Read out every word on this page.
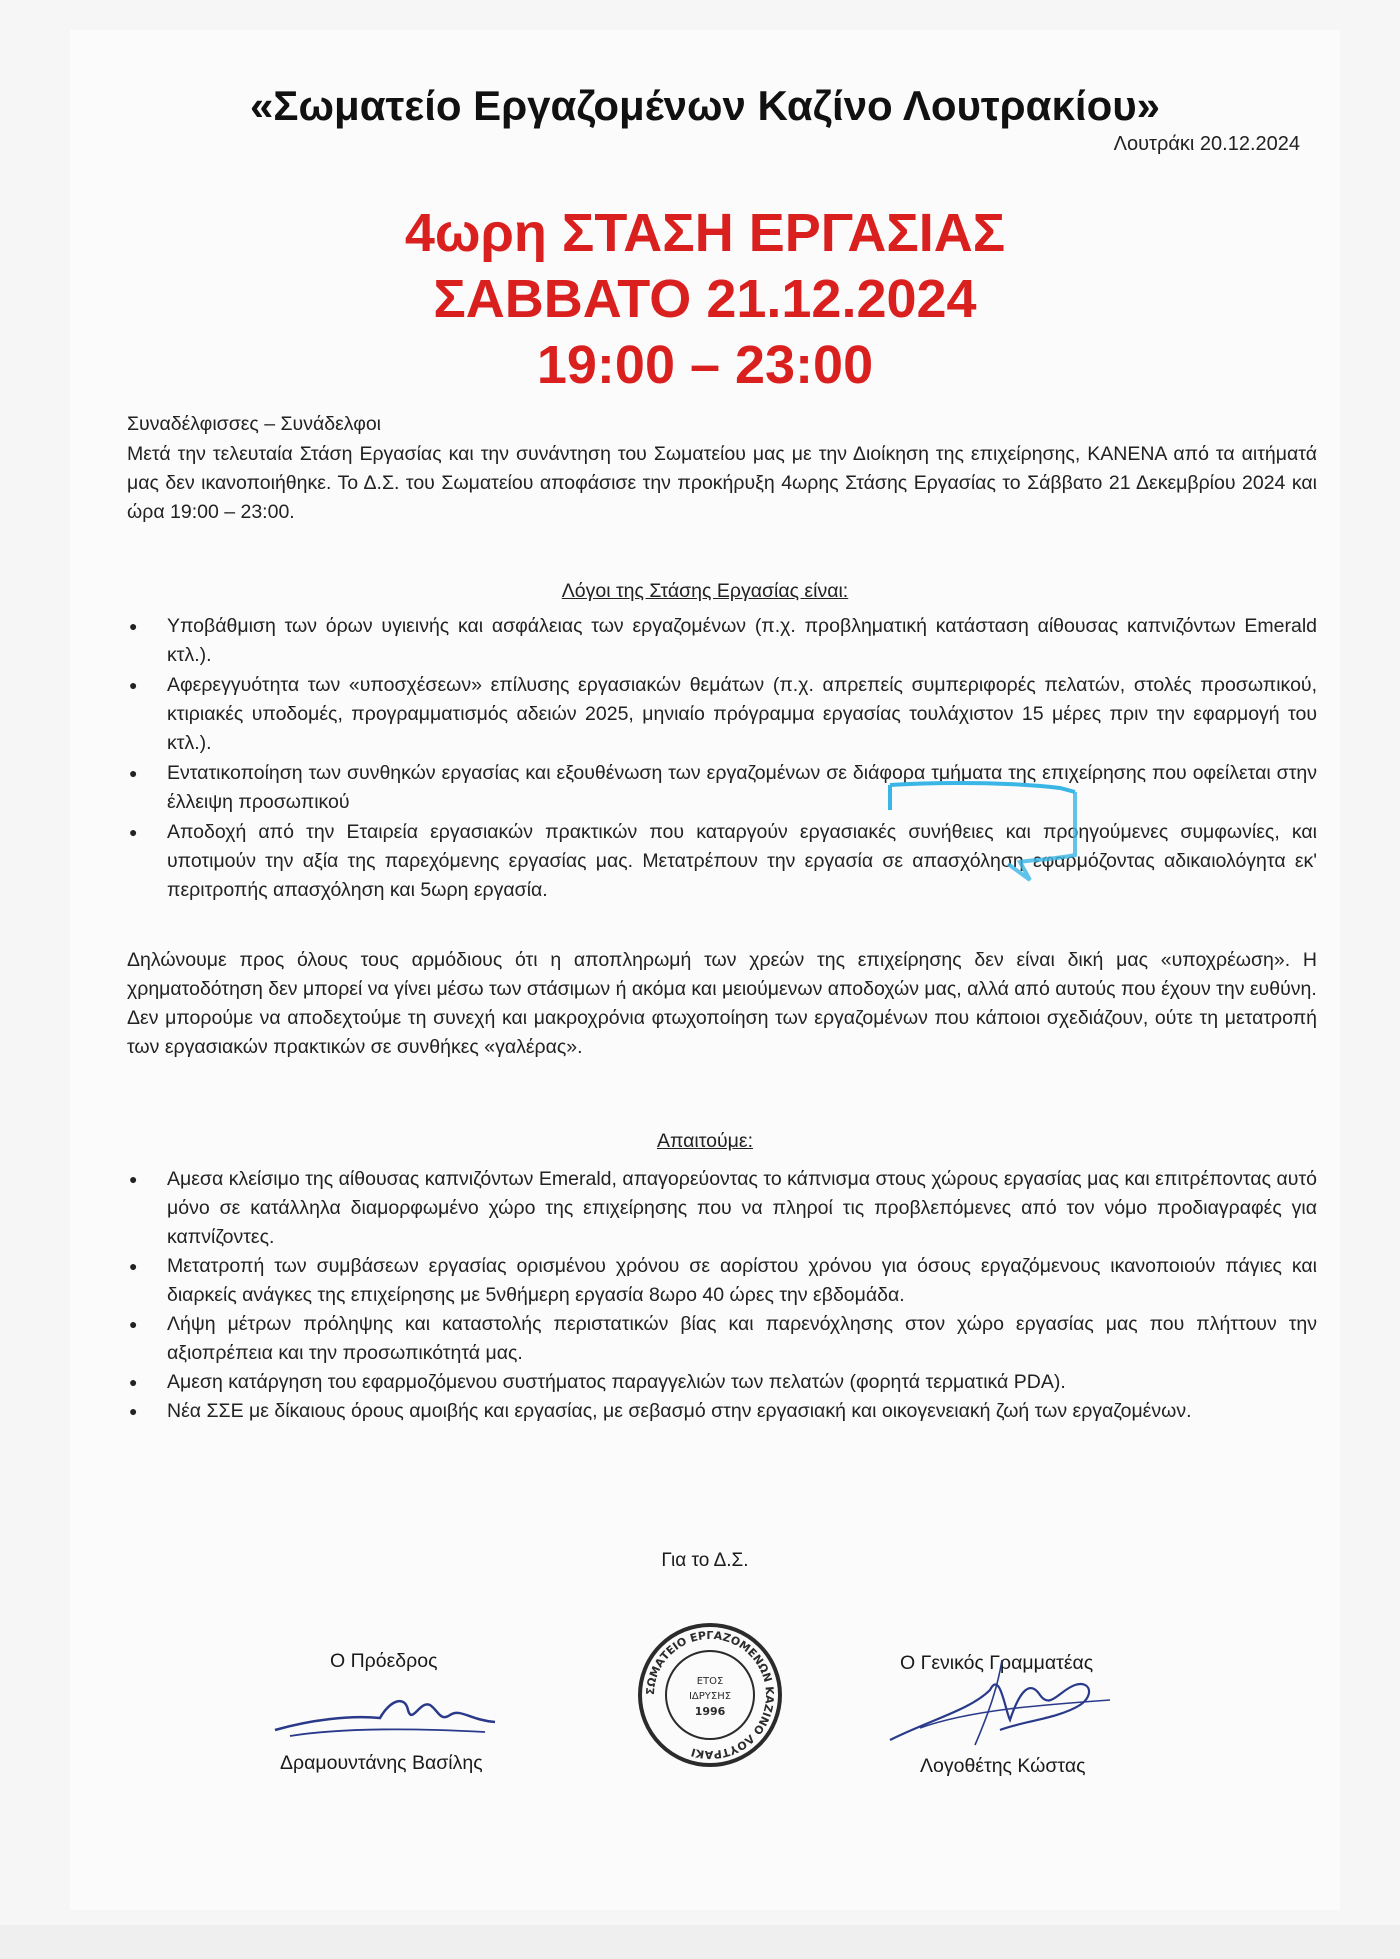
«Σωματείο Εργαζομένων Καζίνο Λουτρακίου»
Λουτράκι 20.12.2024
4ωρη ΣΤΑΣΗ ΕΡΓΑΣΙΑΣ
ΣΑΒΒΑΤΟ 21.12.2024
19:00 – 23:00
Συναδέλφισσες – Συνάδελφοι
Μετά την τελευταία Στάση Εργασίας και την συνάντηση του Σωματείου μας με την Διοίκηση της επιχείρησης, ΚΑΝΕΝΑ από τα αιτήματά μας δεν ικανοποιήθηκε. Το Δ.Σ. του Σωματείου αποφάσισε την προκήρυξη 4ωρης Στάσης Εργασίας το Σάββατο 21 Δεκεμβρίου 2024 και ώρα 19:00 – 23:00.
Λόγοι της Στάσης Εργασίας είναι:
● Υποβάθμιση των όρων υγιεινής και ασφάλειας των εργαζομένων (π.χ. προβληματική κατάσταση αίθουσας καπνιζόντων Emerald κτλ.).
● Αφερεγγυότητα των «υποσχέσεων» επίλυσης εργασιακών θεμάτων (π.χ. απρεπείς συμπεριφορές πελατών, στολές προσωπικού, κτιριακές υποδομές, προγραμματισμός αδειών 2025, μηνιαίο πρόγραμμα εργασίας τουλάχιστον 15 μέρες πριν την εφαρμογή του κτλ.).
● Εντατικοποίηση των συνθηκών εργασίας και εξουθένωση των εργαζομένων σε διάφορα τμήματα της επιχείρησης που οφείλεται στην έλλειψη προσωπικού
● Αποδοχή από την Εταιρεία εργασιακών πρακτικών που καταργούν εργασιακές συνήθειες και προηγούμενες συμφωνίες, και υποτιμούν την αξία της παρεχόμενης εργασίας μας. Μετατρέπουν την εργασία σε απασχόληση εφαρμόζοντας αδικαιολόγητα εκ' περιτροπής απασχόληση και 5ωρη εργασία.

Δηλώνουμε προς όλους τους αρμόδιους ότι η αποπληρωμή των χρεών της επιχείρησης δεν είναι δική μας «υποχρέωση». Η χρηματοδότηση δεν μπορεί να γίνει μέσω των στάσιμων ή ακόμα και μειούμενων αποδοχών μας, αλλά από αυτούς που έχουν την ευθύνη.

Δεν μπορούμε να αποδεχτούμε τη συνεχή και μακροχρόνια φτωχοποίηση των εργαζομένων που κάποιοι σχεδιάζουν, ούτε τη μετατροπή των εργασιακών πρακτικών σε συνθήκες «γαλέρας».

Απαιτούμε:
● Αμεσα κλείσιμο της αίθουσας καπνιζόντων Emerald, απαγορεύοντας το κάπνισμα στους χώρους εργασίας μας και επιτρέποντας αυτό μόνο σε κατάλληλα διαμορφωμένο χώρο της επιχείρησης που να πληροί τις προβλεπόμενες από τον νόμο προδιαγραφές για καπνίζοντες.
● Μετατροπή των συμβάσεων εργασίας ορισμένου χρόνου σε αορίστου χρόνου για όσους εργαζόμενους ικανοποιούν πάγιες και διαρκείς ανάγκες της επιχείρησης με 5νθήμερη εργασία 8ωρο 40 ώρες την εβδομάδα.
● Λήψη μέτρων πρόληψης και καταστολής περιστατικών βίας και παρενόχλησης στον χώρο εργασίας μας που πλήττουν την αξιοπρέπεια και την προσωπικότητά μας.
● Αμεση κατάργηση του εφαρμοζόμενου συστήματος παραγγελιών των πελατών (φορητά τερματικά PDA).
● Νέα ΣΣΕ με δίκαιους όρους αμοιβής και εργασίας, με σεβασμό στην εργασιακή και οικογενειακή ζωή των εργαζομένων.
Για το Δ.Σ.
Ο Πρόεδρος
Δραμουντάνης Βασίλης
ΣΩΜΑΤΕΙΟ ΕΡΓΑΖΟΜΕΝΩΝ ΚΑΖΙΝΟ ΛΟΥΤΡΑΚΙ
ΕΤΟΣ
ΙΔΡΥΣΗΣ
1996
Ο Γενικός Γραμματέας
Λογοθέτης Κώστας
